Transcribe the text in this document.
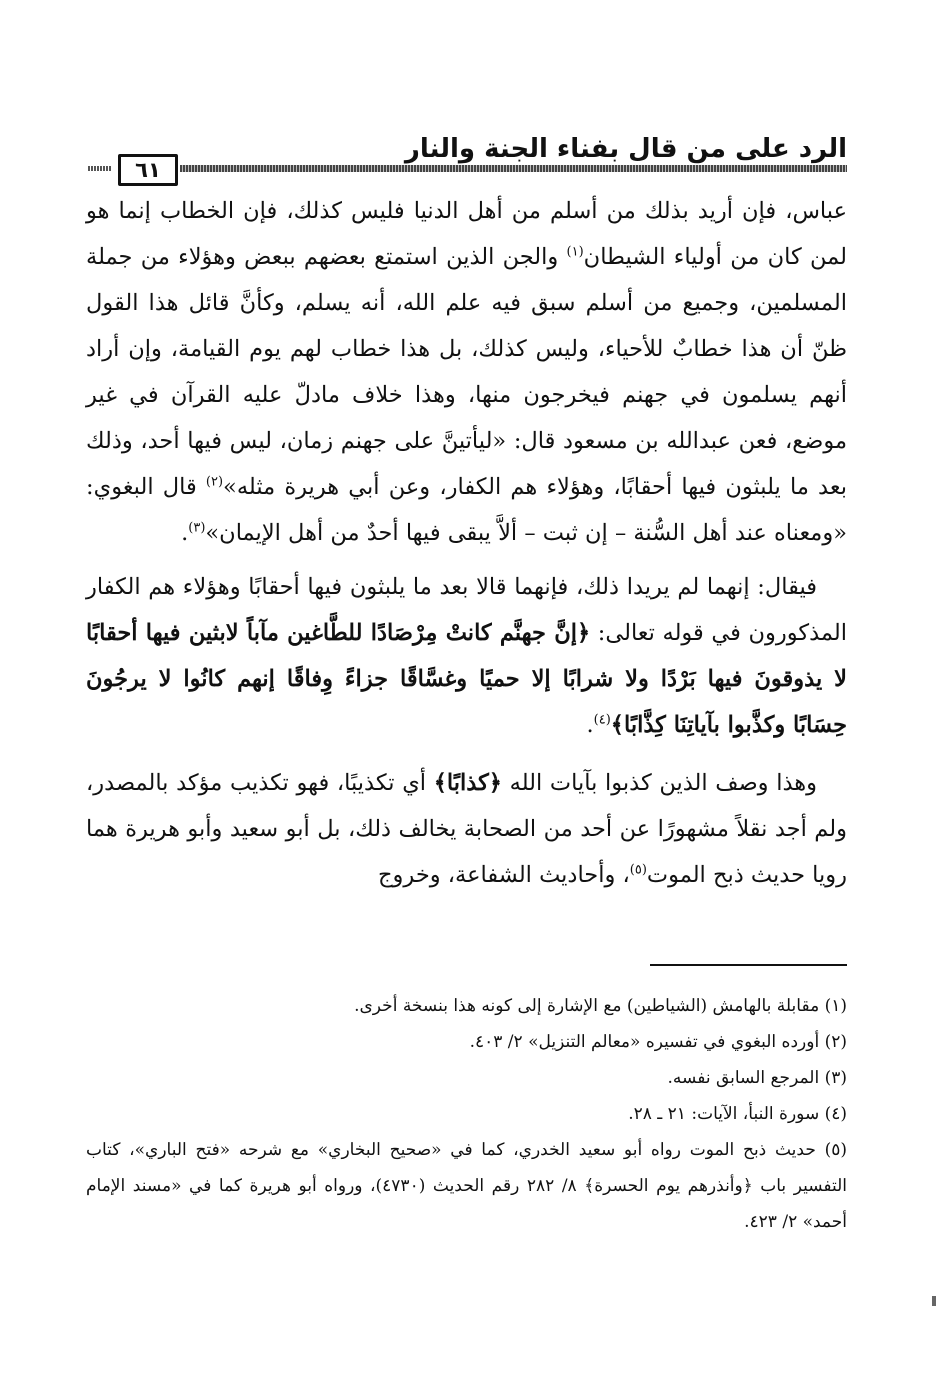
الرد على من قال بفناء الجنة والنار
٦١

عباس، فإن أريد بذلك من أسلم من أهل الدنيا فليس كذلك، فإن الخطاب إنما هو لمن كان من أولياء الشيطان$^{(١)}$ والجن الذين استمتع بعضهم ببعض وهؤلاء من جملة المسلمين، وجميع من أسلم سبق فيه علم الله، أنه يسلم، وكأنَّ قائل هذا القول ظنّ أن هذا خطابٌ للأحياء، وليس كذلك، بل هذا خطاب لهم يوم القيامة، وإن أراد أنهم يسلمون في جهنم فيخرجون منها، وهذا خلاف مادلّ عليه القرآن في غير موضع، فعن عبدالله بن مسعود قال: «ليأتينَّ على جهنم زمان، ليس فيها أحد، وذلك بعد ما يلبثون فيها أحقابًا، وهؤلاء هم الكفار، وعن أبي هريرة مثله»$^{(٢)}$ قال البغوي: «ومعناه عند أهل السُّنة – إن ثبت – ألاَّ يبقى فيها أحدٌ من أهل الإيمان»$^{(٣)}$.

فيقال: إنهما لم يريدا ذلك، فإنهما قالا بعد ما يلبثون فيها أحقابًا وهؤلاء هم الكفار المذكورون في قوله تعالى: ﴿إنَّ جهنَّم كانتْ مِرْصَادًا للطَّاغين مآباً لابثين فيها أحقابًا لا يذوقونَ فيها بَرْدًا ولا شرابًا إلا حميًا وغسَّاقًا جزاءً وِفاقًا إنهم كانُوا لا يرجُونَ حِسَابًا وكذَّبوا بآياتِنَا كِذَّابًا﴾$^{(٤)}$.

وهذا وصف الذين كذبوا بآيات الله ﴿كذابًا﴾ أي تكذيبًا، فهو تكذيب مؤكد بالمصدر، ولم أجد نقلاً مشهورًا عن أحد من الصحابة يخالف ذلك، بل أبو سعيد وأبو هريرة هما رويا حديث ذبح الموت$^{(٥)}$، وأحاديث الشفاعة، وخروج

(١) مقابلة بالهامش (الشياطين) مع الإشارة إلى كونه هذا بنسخة أخرى.

(٢) أورده البغوي في تفسيره «معالم التنزيل» ٢/ ٤٠٣.

(٣) المرجع السابق نفسه.

(٤) سورة النبأ، الآيات: ٢١ ـ ٢٨.

(٥) حديث ذبح الموت رواه أبو سعيد الخدري، كما في «صحيح البخاري» مع شرحه «فتح الباري»، كتاب التفسير باب ﴿وأنذرهم يوم الحسرة﴾ ٨/ ٢٨٢ رقم الحديث (٤٧٣٠)، ورواه أبو هريرة كما في «مسند الإمام أحمد» ٢/ ٤٢٣.
